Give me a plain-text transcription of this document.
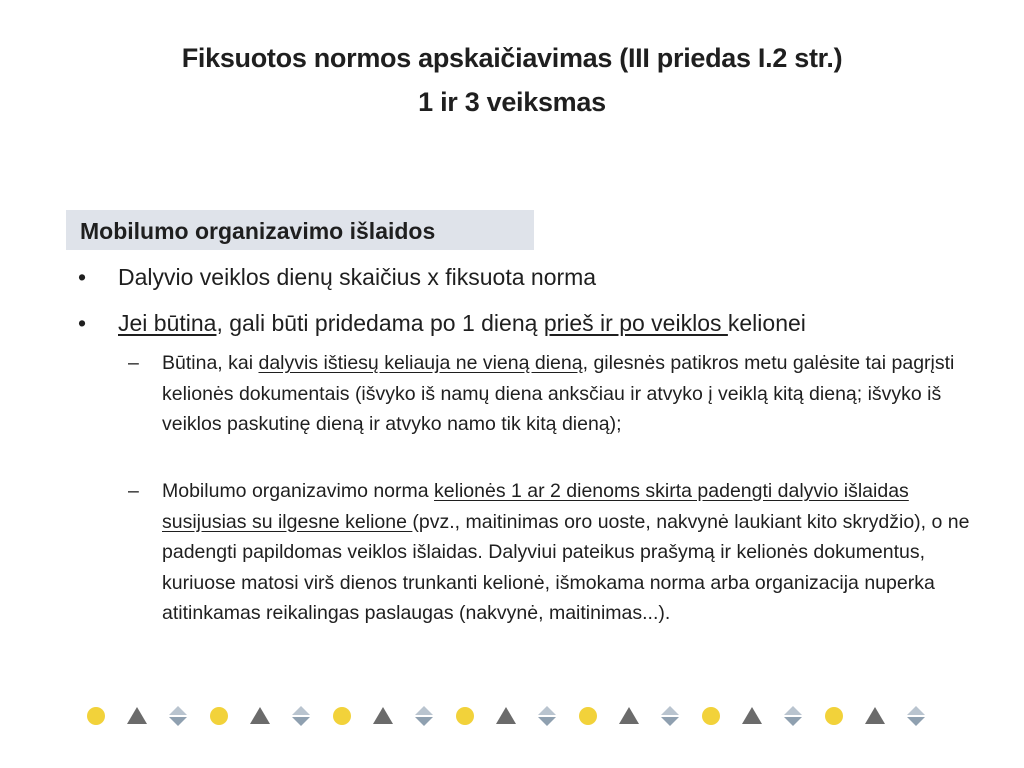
Fiksuotos normos apskaičiavimas (III priedas I.2 str.)
1 ir 3 veiksmas
Mobilumo organizavimo išlaidos
• Dalyvio veiklos dienų skaičius x fiksuota norma
• Jei būtina, gali būti pridedama po 1 dieną prieš ir po veiklos kelionei
– Būtina, kai dalyvis ištiesų keliauja ne vieną dieną, gilesnės patikros metu galėsite tai pagrįsti kelionės dokumentais (išvyko iš namų diena anksčiau ir atvyko į veiklą kitą dieną; išvyko iš veiklos paskutinę dieną ir atvyko namo tik kitą dieną);
– Mobilumo organizavimo norma kelionės 1 ar 2 dienoms skirta padengti dalyvio išlaidas susijusias su ilgesne kelione (pvz., maitinimas oro uoste, nakvynė laukiant kito skrydžio), o ne padengti papildomas veiklos išlaidas. Dalyviui pateikus prašymą ir kelionės dokumentus, kuriuose matosi virš dienos trunkanti kelionė, išmokama norma arba organizacija nuperka atitinkamas reikalingas paslaugas (nakvynė, maitinimas...).
